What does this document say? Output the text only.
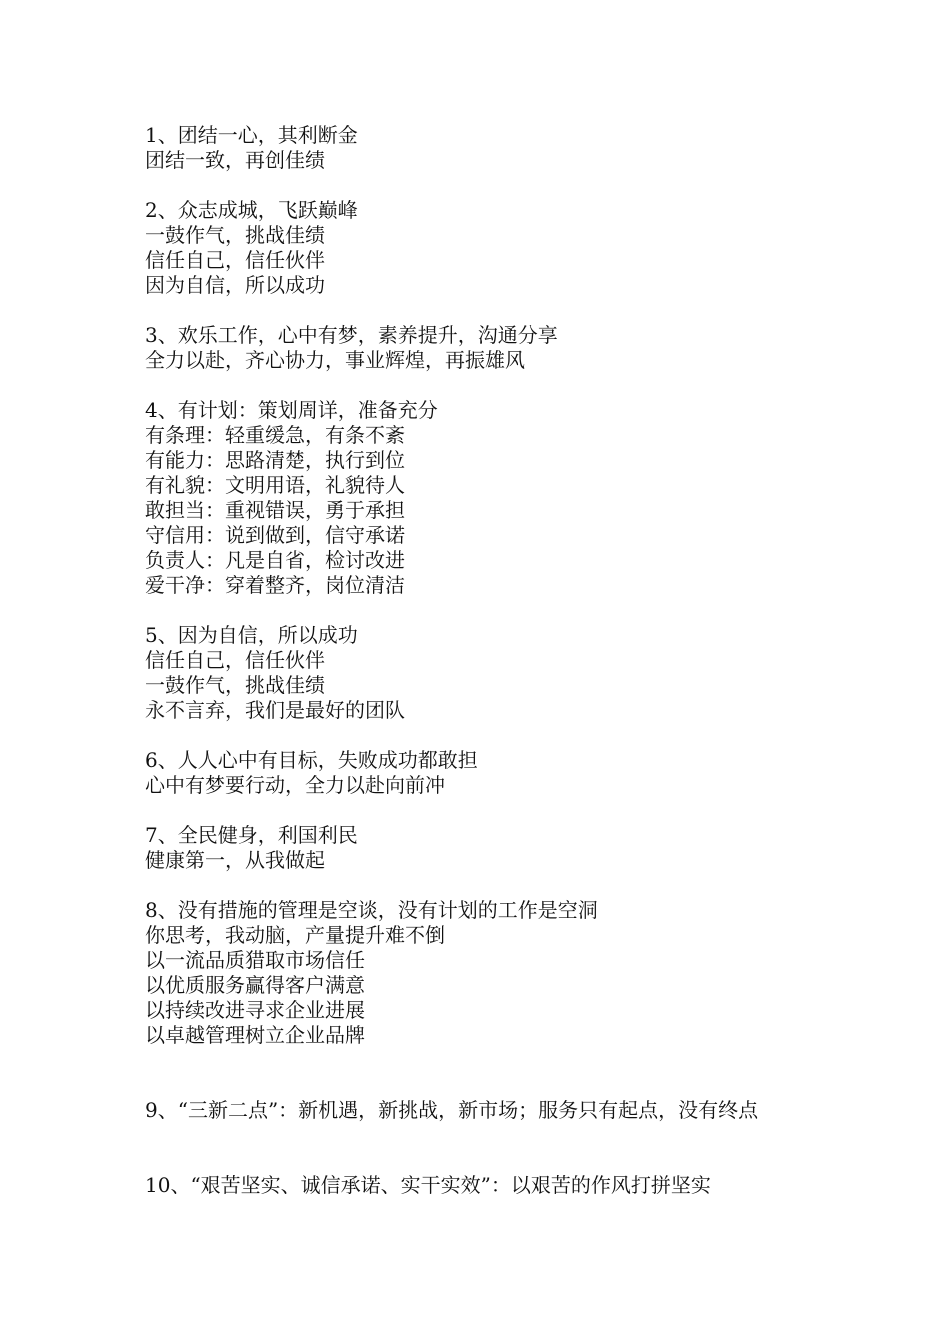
1、团结一心，其利断金
团结一致，再创佳绩
2、众志成城，飞跃巅峰
一鼓作气，挑战佳绩
信任自己，信任伙伴
因为自信，所以成功
3、欢乐工作，心中有梦，素养提升，沟通分享
全力以赴，齐心协力，事业辉煌，再振雄风
4、有计划：策划周详，准备充分
有条理：轻重缓急，有条不紊
有能力：思路清楚，执行到位
有礼貌：文明用语，礼貌待人
敢担当：重视错误，勇于承担
守信用：说到做到，信守承诺
负责人：凡是自省，检讨改进
爱干净：穿着整齐，岗位清洁
5、因为自信，所以成功
信任自己，信任伙伴
一鼓作气，挑战佳绩
永不言弃，我们是最好的团队
6、人人心中有目标，失败成功都敢担
心中有梦要行动，全力以赴向前冲
7、全民健身，利国利民
健康第一，从我做起
8、没有措施的管理是空谈，没有计划的工作是空洞
你思考，我动脑，产量提升难不倒
以一流品质猎取市场信任
以优质服务赢得客户满意
以持续改进寻求企业进展
以卓越管理树立企业品牌
9、“三新二点”：新机遇，新挑战，新市场；服务只有起点，没有终点
10、“艰苦坚实、诚信承诺、实干实效”：以艰苦的作风打拼坚实
